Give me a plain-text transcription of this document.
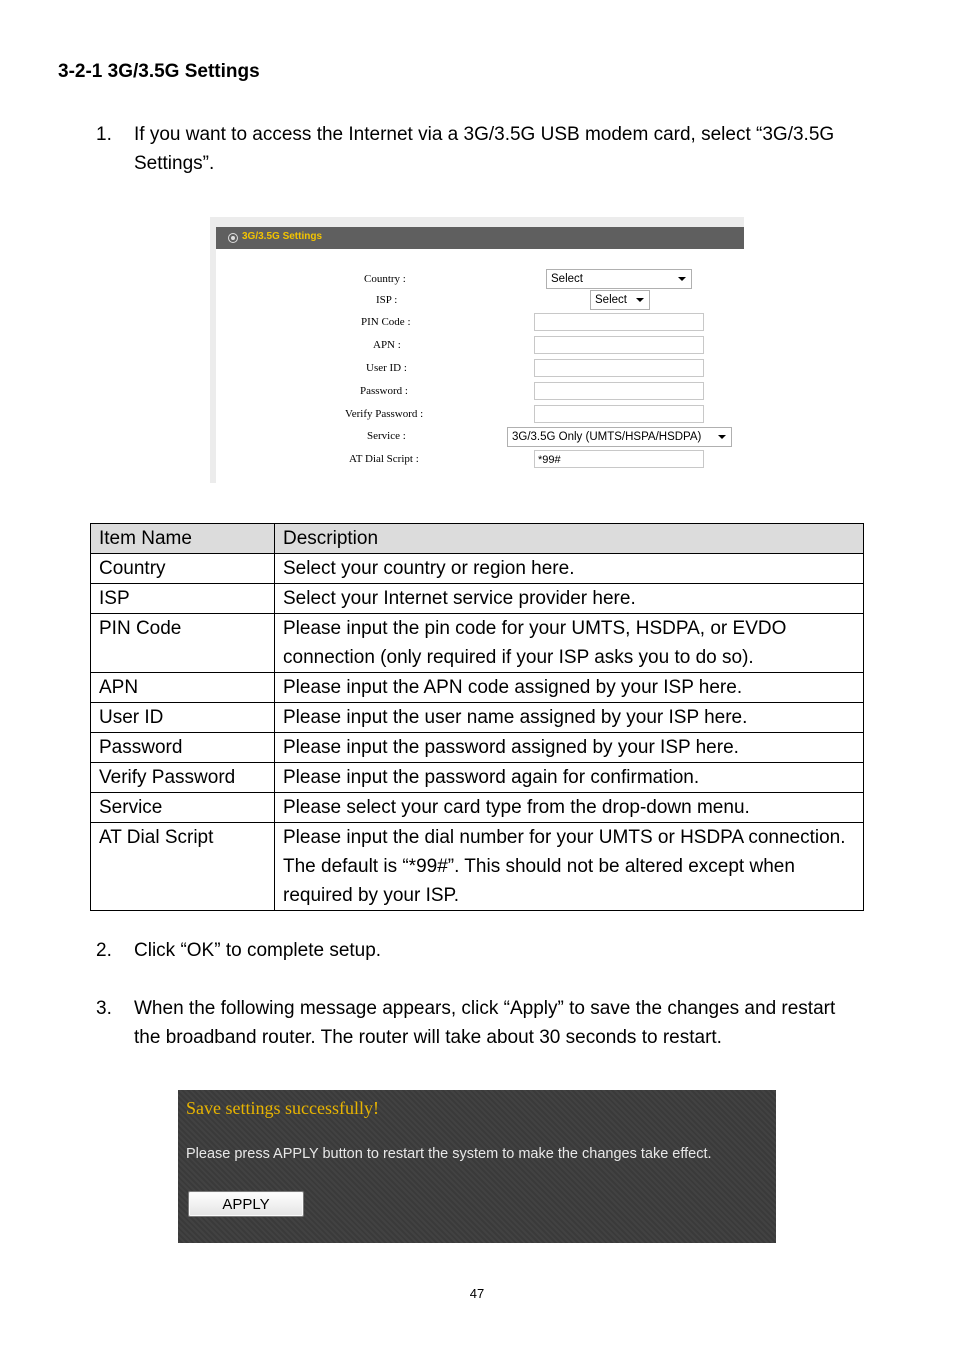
3-2-1 3G/3.5G Settings
1. If you want to access the Internet via a 3G/3.5G USB modem card, select “3G/3.5G
Settings”.
3G/3.5G Settings
Country :	Select
ISP :	Select
PIN Code :
APN :
User ID :
Password :
Verify Password :
Service :	3G/3.5G Only (UMTS/HSPA/HSDPA)
AT Dial Script :	*99#
Item Name	Description
Country	Select your country or region here.
ISP	Select your Internet service provider here.
PIN Code	Please input the pin code for your UMTS, HSDPA, or EVDO connection (only required if your ISP asks you to do so).
APN	Please input the APN code assigned by your ISP here.
User ID	Please input the user name assigned by your ISP here.
Password	Please input the password assigned by your ISP here.
Verify Password	Please input the password again for confirmation.
Service	Please select your card type from the drop-down menu.
AT Dial Script	Please input the dial number for your UMTS or HSDPA connection. The default is “*99#”. This should not be altered except when required by your ISP.
2. Click “OK” to complete setup.
3. When the following message appears, click “Apply” to save the changes and restart
the broadband router. The router will take about 30 seconds to restart.
Save settings successfully!
Please press APPLY button to restart the system to make the changes take effect.
APPLY
47
